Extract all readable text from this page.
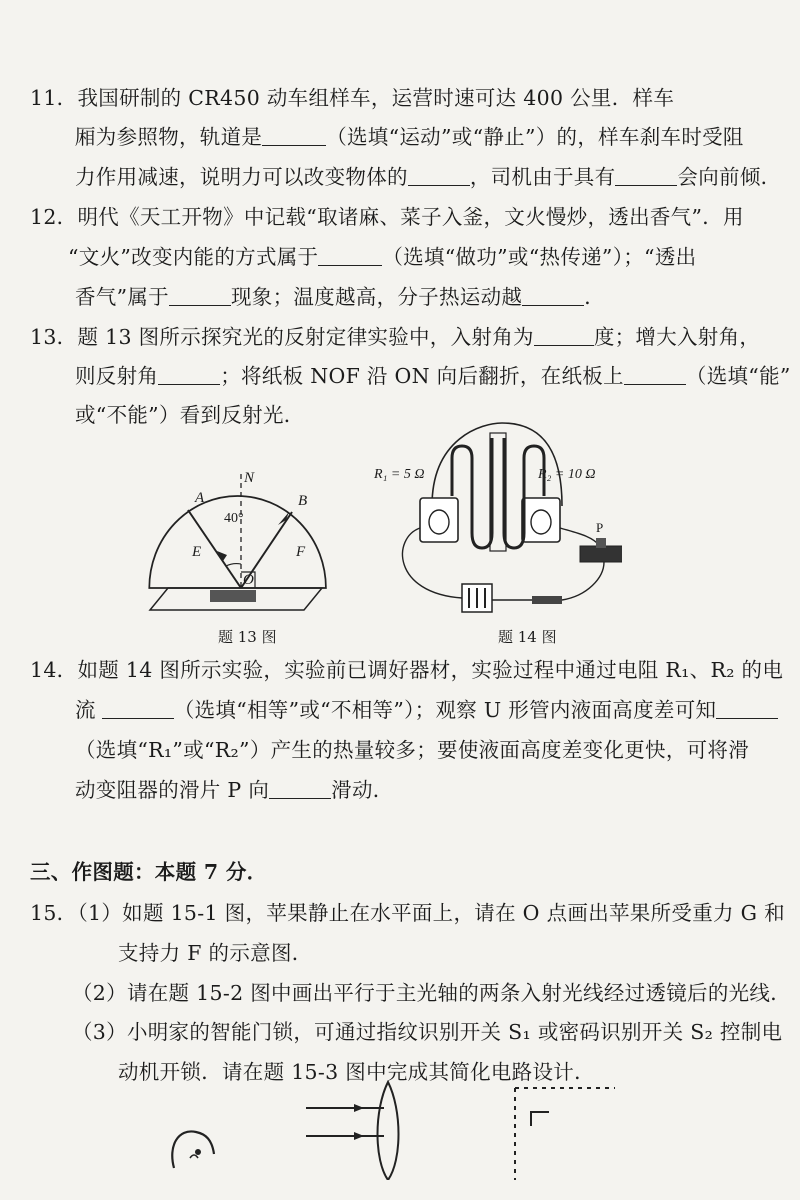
11．我国研制的 CR450 动车组样车，运营时速可达 400 公里．样车
厢为参照物，轨道是	（选填“运动”或“静止”）的，样车刹车时受阻
力作用减速，说明力可以改变物体的	，司机由于具有	会向前倾．
12．明代《天工开物》中记载“取诸麻、菜子入釜，文火慢炒，透出香气”．用
“文火”改变内能的方式属于	（选填“做功”或“热传递”）；“透出
香气”属于	现象；温度越高，分子热运动越	．
13．题 13 图所示探究光的反射定律实验中，入射角为	度；增大入射角，
则反射角	；将纸板 NOF 沿 ON 向后翻折，在纸板上	（选填“能”
或“不能”）看到反射光．
40°
A
N
B
E	F
O
题 13 图
P
R₁ = 5 Ω	R₂ = 10 Ω
题 14 图
14．如题 14 图所示实验，实验前已调好器材，实验过程中通过电阻 R₁、R₂ 的电
流	（选填“相等”或“不相等”）；观察 U 形管内液面高度差可知
（选填“R₁”或“R₂”）产生的热量较多；要使液面高度差变化更快，可将滑
动变阻器的滑片 P 向	滑动．
三、作图题：本题 7 分．
15．（1）如题 15-1 图，苹果静止在水平面上，请在 O 点画出苹果所受重力 G 和
支持力 F 的示意图．
（2）请在题 15-2 图中画出平行于主光轴的两条入射光线经过透镜后的光线．
（3）小明家的智能门锁，可通过指纹识别开关 S₁ 或密码识别开关 S₂ 控制电
动机开锁．请在题 15-3 图中完成其简化电路设计．
